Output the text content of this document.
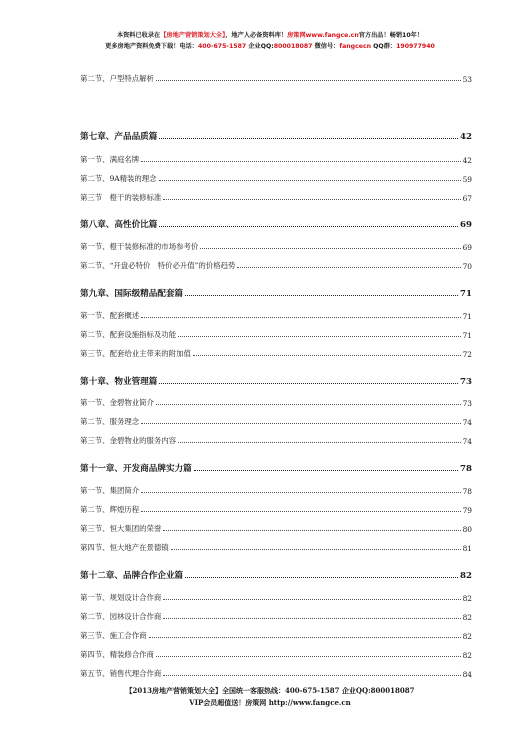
本资料已收录在【房地产营销策划大全】，地产人必备资料库！房策网www.fangce.cn官方出品！畅销10年！
更多房地产资料免费下载！电话：400-675-1587 企业QQ:800018087 微信号：fangcecn QQ群：190977940
第二节、户型特点解析	53
第七章、产品品质篇	42
第一节、满庭名牌	42
第二节、9A精装的理念	59
第三节　橙干的装修标准	67
第八章、高性价比篇	69
第一节、橙干装修标准的市场参考价	69
第二节、“开盘必特价　特价必升值”的价格趋势	70
第九章、国际级精品配套篇	71
第一节、配套概述	71
第二节、配套设施指标及功能	71
第三节、配套给业主带来的附加值	72
第十章、物业管理篇	73
第一节、金碧物业简介	73
第二节、服务理念	74
第三节、金碧物业的服务内容	74
第十一章、开发商品牌实力篇	78
第一节、集团简介	78
第二节、辉煌历程	79
第三节、恒大集团的荣誉	80
第四节、恒大地产在景德镇	81
第十二章、品牌合作企业篇	82
第一节、规划设计合作商	82
第二节、园林设计合作商	82
第三节、施工合作商	82
第四节、精装修合作商	82
第五节、销售代理合作商	84
【2013房地产营销策划大全】全国统一客服热线：400-675-1587 企业QQ:800018087
VIP会员超值送！房策网 http://www.fangce.cn
